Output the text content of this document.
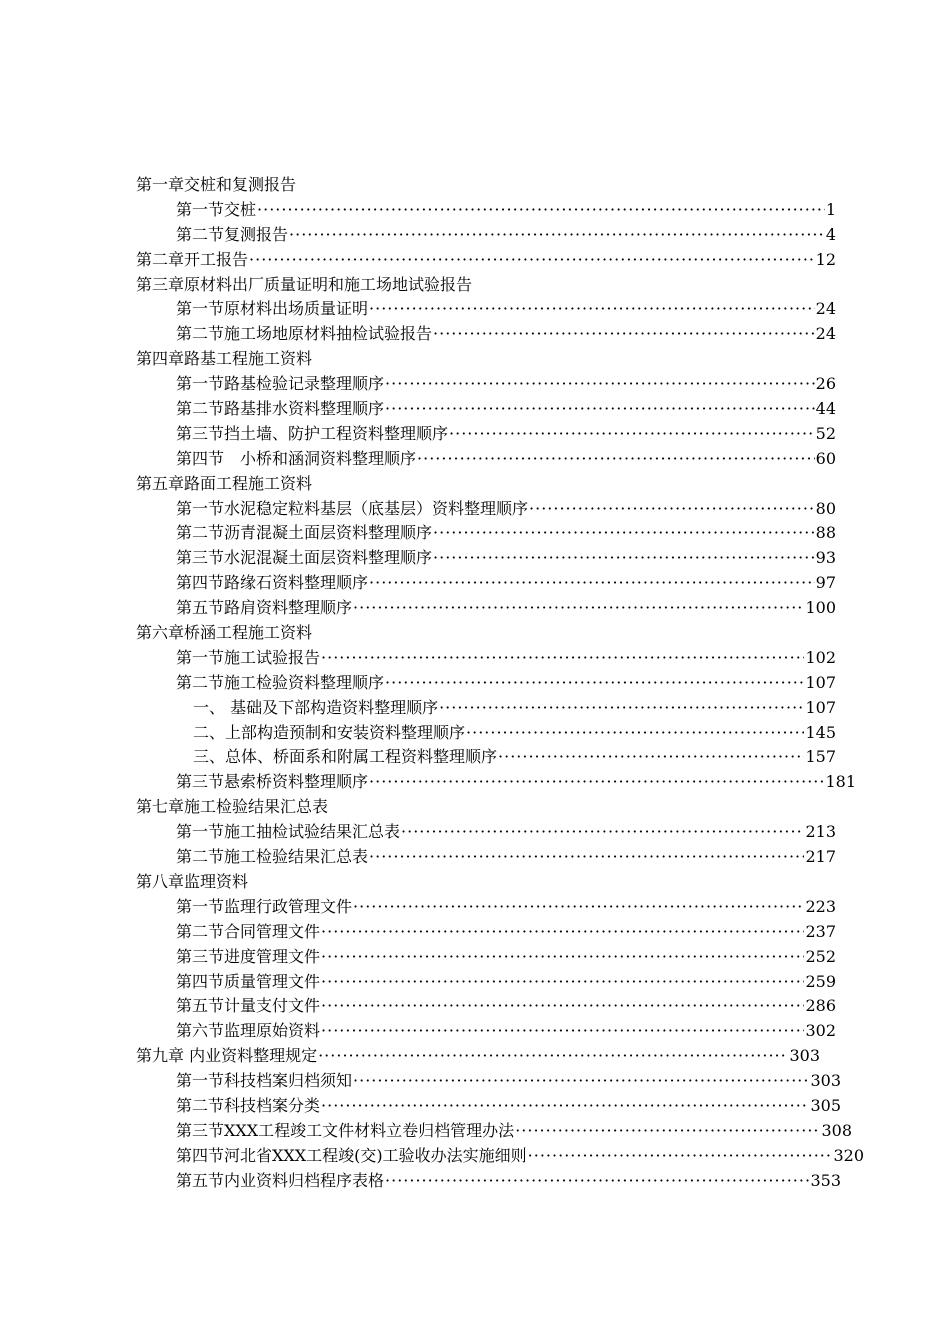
第一章交桩和复测报告
第一节交桩 ·····	1
第二节复测报告 ·····	4
第二章开工报告 ·····	12
第三章原材料出厂质量证明和施工场地试验报告
第一节原材料出场质量证明 ·····	24
第二节施工场地原材料抽检试验报告 ·····	24
第四章路基工程施工资料
第一节路基检验记录整理顺序 ·····	26
第二节路基排水资料整理顺序 ·····	44
第三节挡土墙、防护工程资料整理顺序 ·····	52
第四节　小桥和涵洞资料整理顺序 ·····	60
第五章路面工程施工资料
第一节水泥稳定粒料基层（底基层）资料整理顺序 ·····	80
第二节沥青混凝土面层资料整理顺序 ·····	88
第三节水泥混凝土面层资料整理顺序 ·····	93
第四节路缘石资料整理顺序 ·····	97
第五节路肩资料整理顺序 ·····	100
第六章桥涵工程施工资料
第一节施工试验报告 ·····	102
第二节施工检验资料整理顺序 ·····	107
一、 基础及下部构造资料整理顺序 ·····	107
二、上部构造预制和安装资料整理顺序 ·····	145
三、总体、桥面系和附属工程资料整理顺序 ·····	157
第三节悬索桥资料整理顺序 ·····	181
第七章施工检验结果汇总表
第一节施工抽检试验结果汇总表 ·····	213
第二节施工检验结果汇总表 ·····	217
第八章监理资料
第一节监理行政管理文件 ·····	223
第二节合同管理文件 ·····	237
第三节进度管理文件 ·····	252
第四节质量管理文件 ·····	259
第五节计量支付文件 ·····	286
第六节监理原始资料 ·····	302
第九章 内业资料整理规定 ·····	303
第一节科技档案归档须知 ·····	303
第二节科技档案分类 ·····	305
第三节XXX工程竣工文件材料立卷归档管理办法 ·····	308
第四节河北省XXX工程竣(交)工验收办法实施细则 ·····	320
第五节内业资料归档程序表格 ·····	353
